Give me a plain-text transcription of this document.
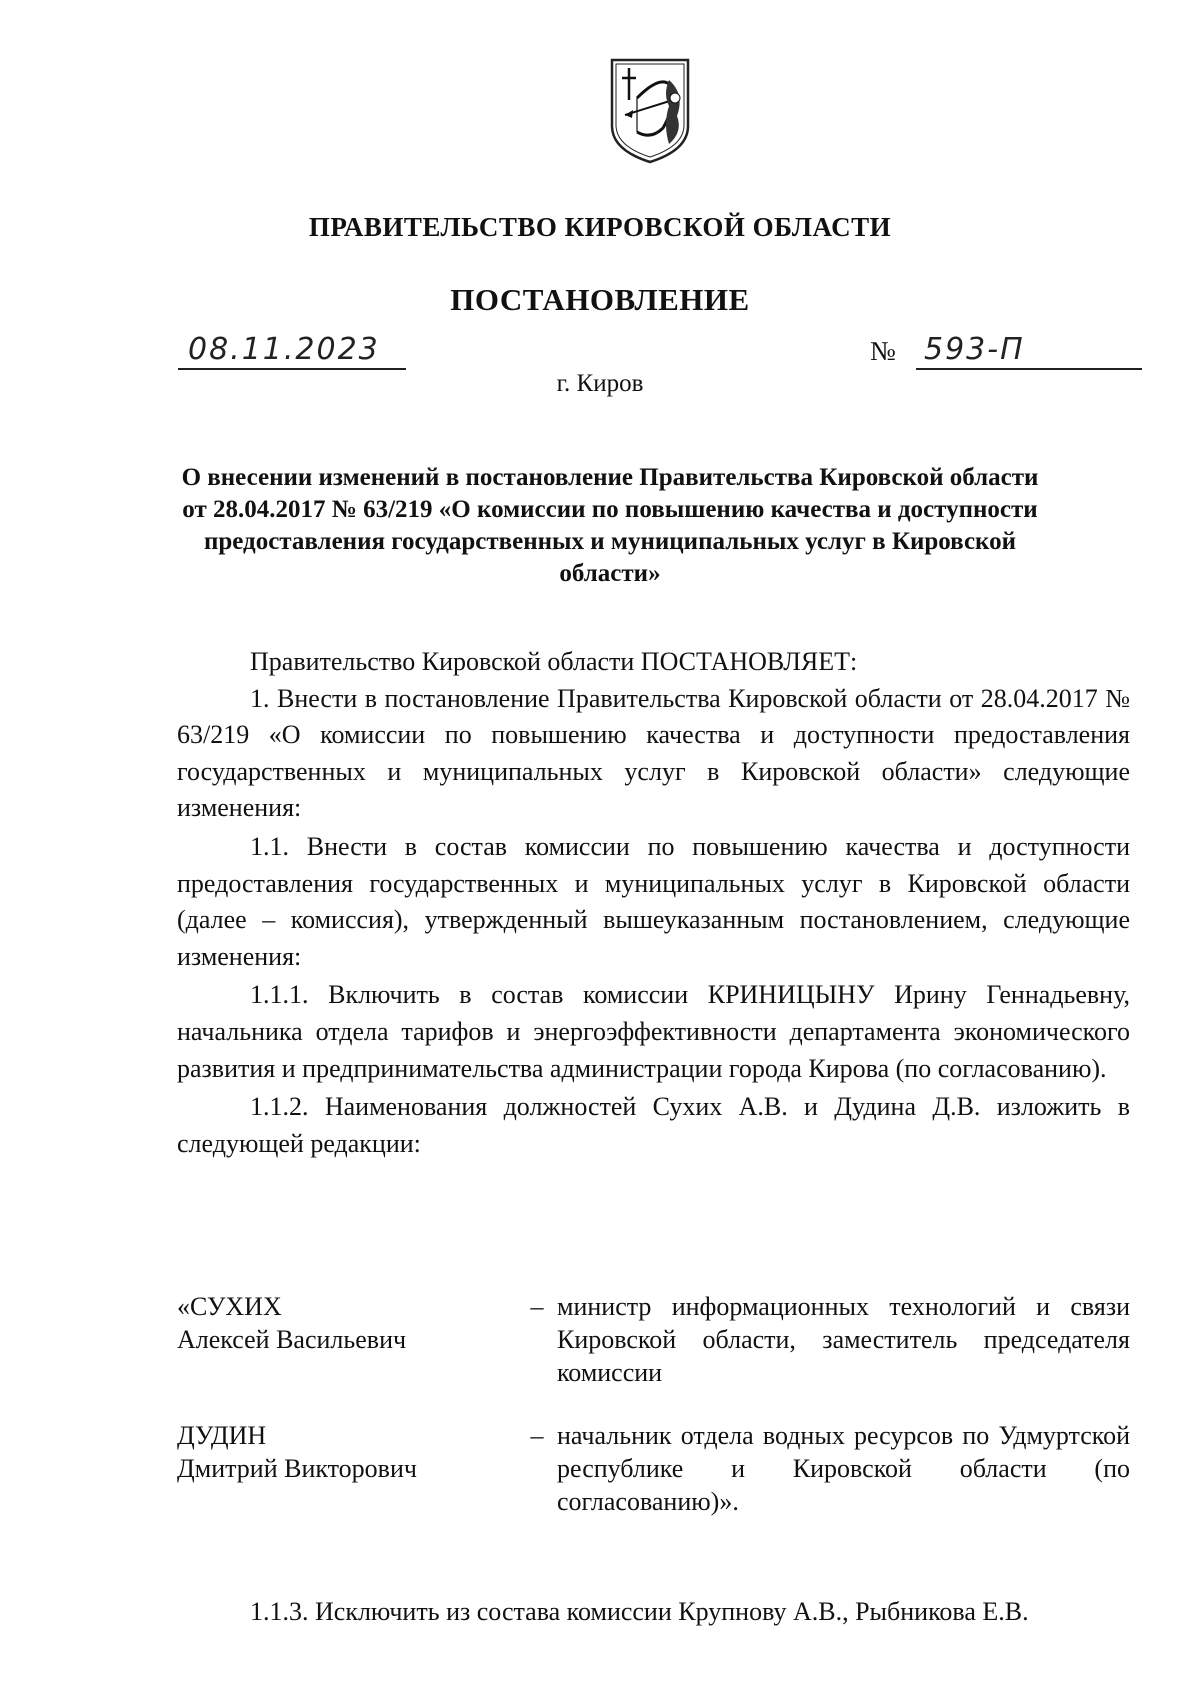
ПРАВИТЕЛЬСТВО КИРОВСКОЙ ОБЛАСТИ
ПОСТАНОВЛЕНИЕ
08.11.2023	№ 593-П
г. Киров
О внесении изменений в постановление Правительства Кировской области от 28.04.2017 № 63/219 «О комиссии по повышению качества и доступности предоставления государственных и муниципальных услуг в Кировской области»

Правительство Кировской области ПОСТАНОВЛЯЕТ:

1. Внести в постановление Правительства Кировской области от 28.04.2017 № 63/219 «О комиссии по повышению качества и доступности предоставления государственных и муниципальных услуг в Кировской области» следующие изменения:

1.1. Внести в состав комиссии по повышению качества и доступности предоставления государственных и муниципальных услуг в Кировской области (далее – комиссия), утвержденный вышеуказанным постановлением, следующие изменения:

1.1.1. Включить в состав комиссии КРИНИЦЫНУ Ирину Геннадьевну, начальника отдела тарифов и энергоэффективности департамента экономического развития и предпринимательства администрации города Кирова (по согласованию).

1.1.2. Наименования должностей Сухих А.В. и Дудина Д.В. изложить в следующей редакции:

«СУХИХ
Алексей Васильевич
– министр информационных технологий и связи Кировской области, заместитель председателя комиссии
ДУДИН
Дмитрий Викторович
– начальник отдела водных ресурсов по Удмуртской республике и Кировской области (по согласованию)».
1.1.3. Исключить из состава комиссии Крупнову А.В., Рыбникова Е.В.
